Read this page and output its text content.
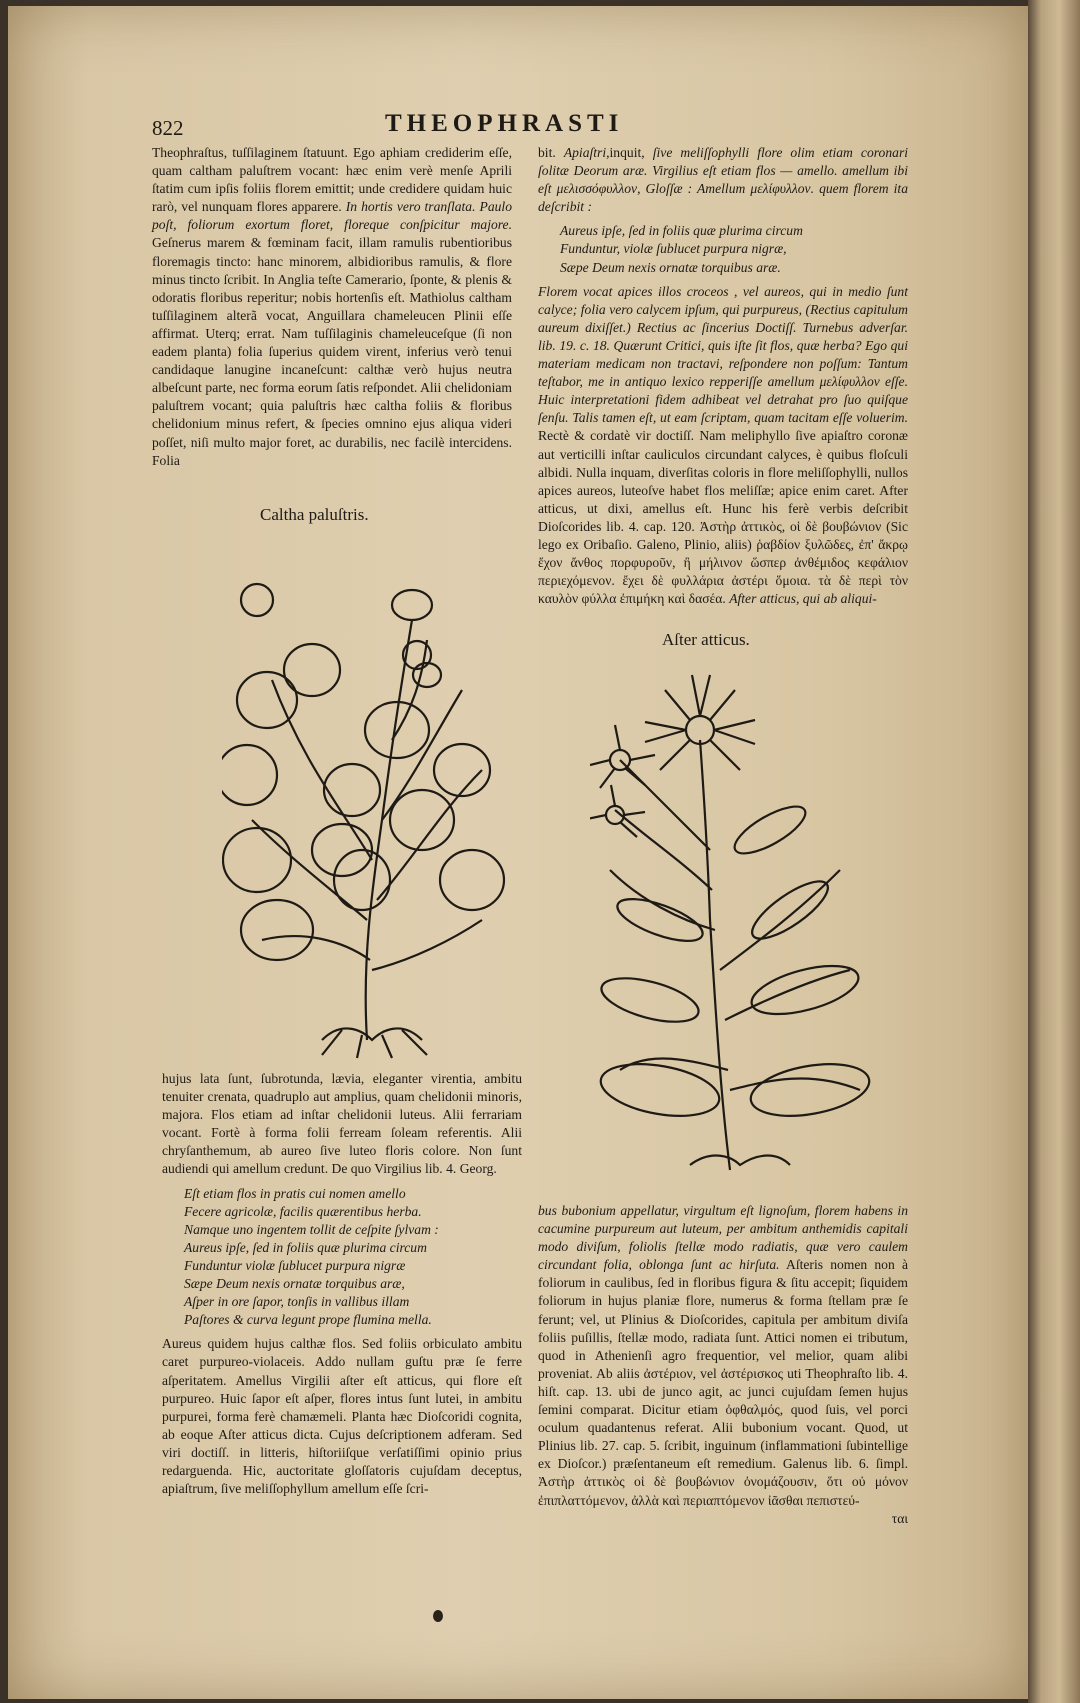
822	THEOPHRASTI

Theophraſtus, tuſſilaginem ſtatuunt. Ego aphiam crediderim eſſe, quam caltham paluſtrem vocant: hæc enim verè menſe Aprili ſtatim cum ipſis foliis florem emittit; unde credidere quidam huic rarò, vel nunquam flores apparere. In hortis vero tranſlata. Paulo poſt, foliorum exortum floret, floreque conſpicitur majore. Geſnerus marem & fœminam facit, illam ramulis rubentioribus floremagis tincto: hanc minorem, albidioribus ramulis, & flore minus tincto ſcribit. In Anglia teſte Camerario, ſponte, & plenis & odoratis floribus reperitur; nobis hortenſis eſt. Mathiolus caltham tuſſilaginem alterã vocat, Anguillara chameleucen Plinii eſſe affirmat. Uterq; errat. Nam tuſſilaginis chameleuceſque (ſi non eadem planta) folia ſuperius quidem virent, inferius verò tenui candidaque lanugine incaneſcunt: calthæ verò hujus neutra albeſcunt parte, nec forma eorum ſatis reſpondet. Alii chelidoniam paluſtrem vocant; quia paluſtris hæc caltha foliis & floribus chelidonium minus refert, & ſpecies omnino ejus aliqua videri poſſet, niſi multo major foret, ac durabilis, nec facilè intercidens. Folia

bit. Apiaſtri,inquit, ſive meliſſophylli flore olim etiam coronari ſolitæ Deorum aræ. Virgilius eſt etiam flos — amello. amellum ibi eſt μελισσόφυλλον, Gloſſæ : Amellum μελίφυλλον. quem florem ita deſcribit :

Aureus ipſe, ſed in foliis quæ plurima circum
Funduntur, violæ ſublucet purpura nigræ,
Sæpe Deum nexis ornatæ torquibus aræ.

Florem vocat apices illos croceos , vel aureos, qui in medio ſunt calyce; folia vero calycem ipſum, qui purpureus, (Rectius capitulum aureum dixiſſet.) Rectius ac ſincerius Doctiſſ. Turnebus adverſar. lib. 19. c. 18. Quærunt Critici, quis iſte ſit flos, quæ herba? Ego qui materiam medicam non tractavi, reſpondere non poſſum: Tantum teſtabor, me in antiquo lexico repperiſſe amellum μελίφυλλον eſſe. Huic interpretationi fidem adhibeat vel detrahat pro ſuo quiſque ſenſu. Talis tamen eſt, ut eam ſcriptam, quam tacitam eſſe voluerim. Rectè & cordatè vir doctiſſ. Nam meliphyllo ſive apiaſtro coronæ aut verticilli inſtar cauliculos circundant calyces, è quibus floſculi albidi. Nulla inquam, diverſitas coloris in flore meliſſophylli, nullos apices aureos, luteoſve habet flos meliſſæ; apice enim caret. After atticus, ut dixi, amellus eſt. Hunc his ferè verbis deſcribit Dioſcorides lib. 4. cap. 120. Ἀστὴρ ἀττικὸς, οἱ δὲ βουβώνιον (Sic lego ex Oribaſio. Galeno, Plinio, aliis) ῥαβδίον ξυλῶδες, ἐπ' ἄκρῳ ἔχον ἄνθος πορφυροῦν, ἢ μήλινον ὥσπερ ἀνθέμιδος κεφάλιον περιεχόμενον. ἔχει δὲ φυλλάρια ἀστέρι ὅμοια. τὰ δὲ περὶ τὸν καυλὸν φύλλα ἐπιμήκη καὶ δασέα. After atticus, qui ab aliqui-

Caltha paluſtris.
Aſter atticus.

hujus lata ſunt, ſubrotunda, lævia, eleganter virentia, ambitu tenuiter crenata, quadruplo aut amplius, quam chelidonii minoris, majora. Flos etiam ad inſtar chelidonii luteus. Alii ferrariam vocant. Fortè à forma folii ferream ſoleam referentis. Alii chryſanthemum, ab aureo ſive luteo floris colore. Non ſunt audiendi qui amellum credunt. De quo Virgilius lib. 4. Georg.

Eſt etiam flos in pratis cui nomen amello
Fecere agricolæ, facilis quærentibus herba.
Namque uno ingentem tollit de ceſpite ſylvam :
Aureus ipſe, ſed in foliis quæ plurima circum
Funduntur violæ ſublucet purpura nigræ
Sæpe Deum nexis ornatæ torquibus aræ,
Aſper in ore ſapor, tonſis in vallibus illam
Paſtores & curva legunt prope flumina mella.

Aureus quidem hujus calthæ flos. Sed foliis orbiculato ambitu caret purpureo-violaceis. Addo nullam guſtu præ ſe ferre aſperitatem. Amellus Virgilii aſter eſt atticus, qui flore eſt purpureo. Huic ſapor eſt aſper, flores intus ſunt lutei, in ambitu purpurei, forma ferè chamæmeli. Planta hæc Dioſcoridi cognita, ab eoque Aſter atticus dicta. Cujus deſcriptionem adferam. Sed viri doctiſſ. in litteris, hiſtoriiſque verſatiſſimi opinio prius redarguenda. Hic, auctoritate gloſſatoris cujuſdam deceptus, apiaſtrum, ſive meliſſophyllum amellum eſſe ſcri-

bus bubonium appellatur, virgultum eſt lignoſum, florem habens in cacumine purpureum aut luteum, per ambitum anthemidis capitali modo diviſum, foliolis ſtellæ modo radiatis, quæ vero caulem circundant folia, oblonga ſunt ac hirſuta. Aſteris nomen non à foliorum in caulibus, ſed in floribus figura & ſitu accepit; ſiquidem foliorum in hujus planiæ flore, numerus & forma ſtellam præ ſe ferunt; vel, ut Plinius & Dioſcorides, capitula per ambitum diviſa foliis puſillis, ſtellæ modo, radiata ſunt. Attici nomen ei tributum, quod in Athenienſi agro frequentior, vel melior, quam alibi proveniat. Ab aliis ἀστέριον, vel ἀστέρισκος uti Theophraſto lib. 4. hiſt. cap. 13. ubi de junco agit, ac junci cujuſdam ſemen hujus ſemini comparat. Dicitur etiam ὀφθαλμός, quod ſuis, vel porci oculum quadantenus referat. Alii bubonium vocant. Quod, ut Plinius lib. 27. cap. 5. ſcribit, inguinum (inflammationi ſubintellige ex Dioſcor.) præſentaneum eſt remedium. Galenus lib. 6. ſimpl. Ἀστὴρ ἀττικὸς οἱ δὲ βουβώνιον ὀνομάζουσιν, ὅτι οὐ μόνον ἐπιπλαττόμενον, ἀλλὰ καὶ περιαπτόμενον ἰᾶσθαι πεπιστεύ-

ται
